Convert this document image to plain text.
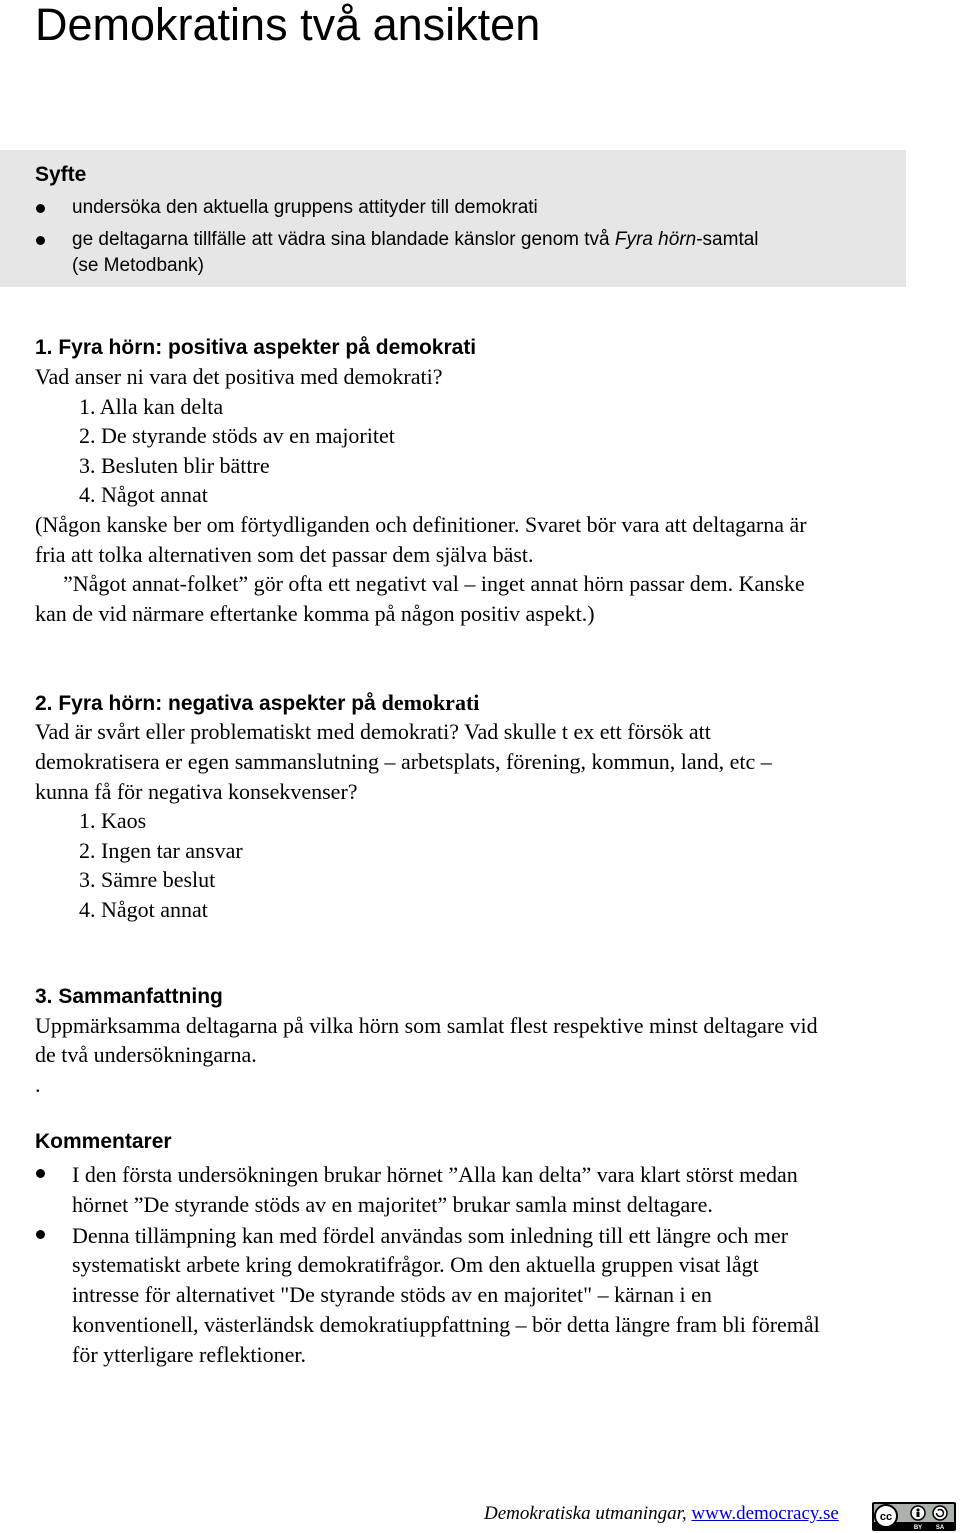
Demokratins två ansikten
Syfte

undersöka den aktuella gruppens attityder till demokrati

ge deltagarna tillfälle att vädra sina blandade känslor genom två Fyra hörn-samtal

(se Metodbank)

1. Fyra hörn: positiva aspekter på demokrati

Vad anser ni vara det positiva med demokrati?

1. Alla kan delta

2. De styrande stöds av en majoritet

3. Besluten blir bättre

4. Något annat

(Någon kanske ber om förtydliganden och definitioner. Svaret bör vara att deltagarna är

fria att tolka alternativen som det passar dem själva bäst.

”Något annat-folket” gör ofta ett negativt val – inget annat hörn passar dem. Kanske

kan de vid närmare eftertanke komma på någon positiv aspekt.)

2. Fyra hörn: negativa aspekter på demokrati

Vad är svårt eller problematiskt med demokrati? Vad skulle t ex ett försök att

demokratisera er egen sammanslutning – arbetsplats, förening, kommun, land, etc –

kunna få för negativa konsekvenser?

1. Kaos

2. Ingen tar ansvar

3. Sämre beslut

4. Något annat

3. Sammanfattning

Uppmärksamma deltagarna på vilka hörn som samlat flest respektive minst deltagare vid

de två undersökningarna.

.

Kommentarer

I den första undersökningen brukar hörnet ”Alla kan delta” vara klart störst medan

hörnet ”De styrande stöds av en majoritet” brukar samla minst deltagare.

Denna tillämpning kan med fördel användas som inledning till ett längre och mer

systematiskt arbete kring demokratifrågor. Om den aktuella gruppen visat lågt

intresse för alternativet "De styrande stöds av en majoritet" – kärnan i en

konventionell, västerländsk demokratiuppfattning – bör detta längre fram bli föremål

för ytterligare reflektioner.

Demokratiska utmaningar, www.democracy.se	cc
BY SA
